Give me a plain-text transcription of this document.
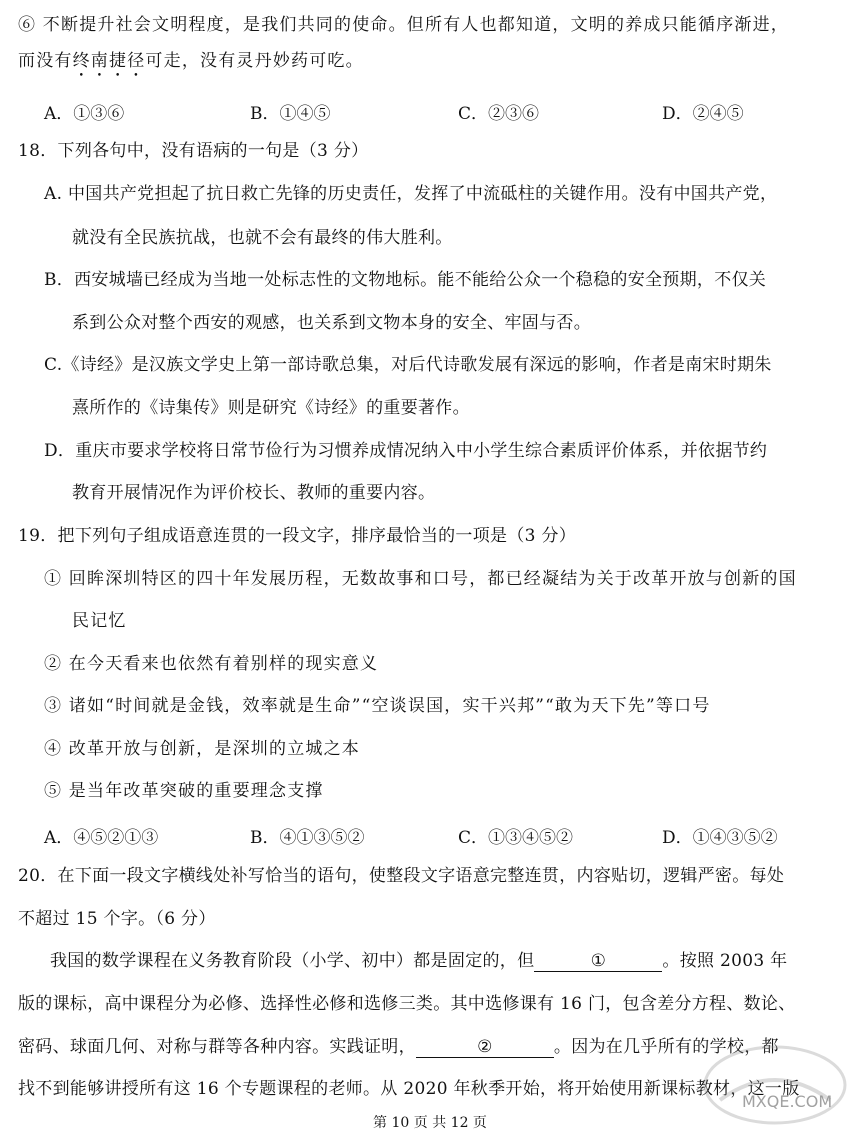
⑥ 不断提升社会文明程度，是我们共同的使命。但所有人也都知道，文明的养成只能循序渐进，
而没有终南捷径可走，没有灵丹妙药可吃。
A．①③⑥	B．①④⑤	C．②③⑥	D．②④⑤
18．下列各句中，没有语病的一句是（3 分）
A. 中国共产党担起了抗日救亡先锋的历史责任，发挥了中流砥柱的关键作用。没有中国共产党，
就没有全民族抗战，也就不会有最终的伟大胜利。
B．西安城墙已经成为当地一处标志性的文物地标。能不能给公众一个稳稳的安全预期，不仅关
系到公众对整个西安的观感，也关系到文物本身的安全、牢固与否。
C.《诗经》是汉族文学史上第一部诗歌总集，对后代诗歌发展有深远的影响，作者是南宋时期朱
熹所作的《诗集传》则是研究《诗经》的重要著作。
D．重庆市要求学校将日常节俭行为习惯养成情况纳入中小学生综合素质评价体系，并依据节约
教育开展情况作为评价校长、教师的重要内容。
19．把下列句子组成语意连贯的一段文字，排序最恰当的一项是（3 分）
① 回眸深圳特区的四十年发展历程，无数故事和口号，都已经凝结为关于改革开放与创新的国
民记忆
② 在今天看来也依然有着别样的现实意义
③ 诸如“时间就是金钱，效率就是生命”“空谈误国，实干兴邦”“敢为天下先”等口号
④ 改革开放与创新，是深圳的立城之本
⑤ 是当年改革突破的重要理念支撑
A．④⑤②①③	B．④①③⑤②	C．①③④⑤②	D．①④③⑤②
20．在下面一段文字横线处补写恰当的语句，使整段文字语意完整连贯，内容贴切，逻辑严密。每处
不超过 15 个字。（6 分）
我国的数学课程在义务教育阶段（小学、初中）都是固定的，但	①	。按照 2003 年
版的课标，高中课程分为必修、选择性必修和选修三类。其中选修课有 16 门，包含差分方程、数论、
密码、球面几何、对称与群等各种内容。实践证明，	②	。因为在几乎所有的学校，都
找不到能够讲授所有这 16 个专题课程的老师。从 2020 年秋季开始，将开始使用新课标教材，这一版
MXQE.COM
第 10 页 共 12 页
